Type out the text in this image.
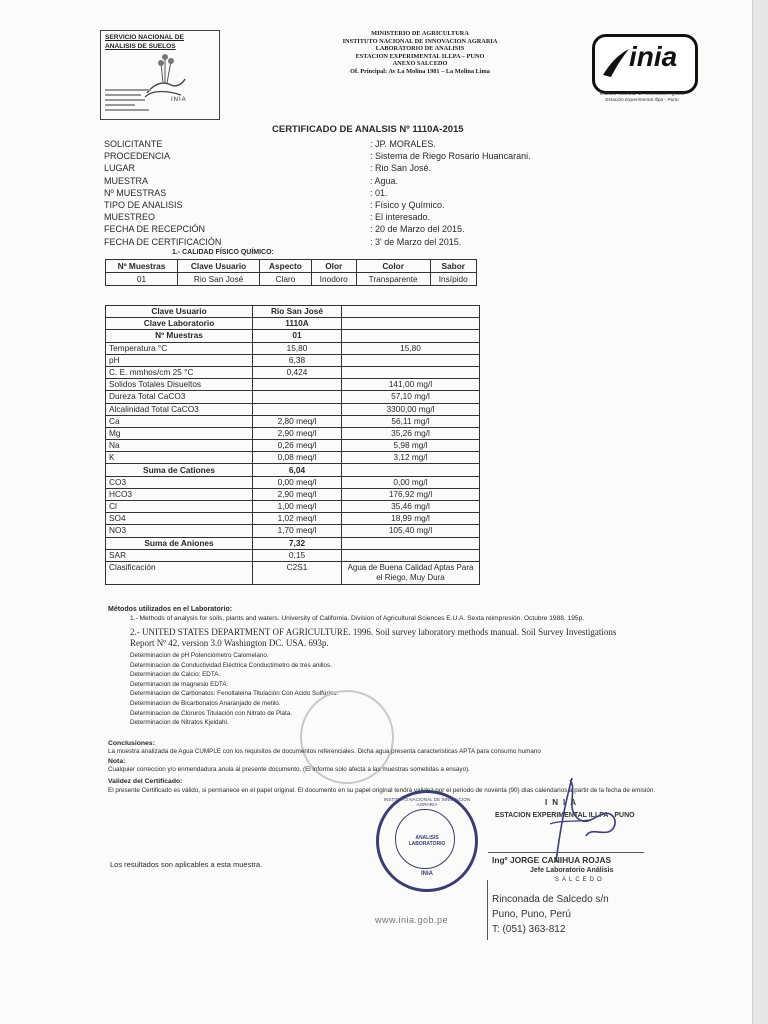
SERVICIO NACIONAL DE ANALISIS DE SUELOS
INIA
MINISTERIO DE AGRICULTURA
INSTITUTO NACIONAL DE INNOVACION AGRARIA
LABORATORIO DE ANALISIS
ESTACION EXPERIMENTAL ILLPA – PUNO
ANEXO SALCEDO
Of. Principal: Av La Molina 1981 – La Molina Lima	inia
Instituto Nacional de Innovación Agraria
Estación Experimental Illpa - Puno
CERTIFICADO DE ANALSIS Nº 1110A-2015
SOLICITANTE	: JP. MORALES.
PROCEDENCIA	: Sistema de Riego Rosario Huancarani.
LUGAR	: Rio San José.
MUESTRA	: Agua.
Nº MUESTRAS	: 01.
TIPO DE ANALISIS	: Físico y Químico.
MUESTREO	: El interesado.
FECHA DE RECEPCIÓN	: 20 de Marzo del 2015.
FECHA DE CERTIFICACIÓN	: 3' de Marzo del 2015.
1.- CALIDAD FÍSICO QUÍMICO:
Nº Muestras	Clave Usuario	Aspecto	Olor	Color	Sabor
01	Rio San José	Claro	Inodoro	Transparente	Insípido
Clave Usuario	Rio San José	
Clave Laboratorio	1110A	
Nº Muestras	01	
Temperatura °C	15,80	15,80
pH	6,38	
C. E. mmhos/cm 25 °C	0,424	
Solidos Totales Disueltos		141,00 mg/l
Dureza Total CaCO3		57,10 mg/l
Alcalinidad Total CaCO3		3300,00 mg/l
Ca	2,80 meq/l	56,11 mg/l
Mg	2,90 meq/l	35,26 mg/l
Na	0,26 meq/l	5,98 mg/l
K	0,08 meq/l	3,12 mg/l
Suma de Cationes	6,04	
CO3	0,00 meq/l	0,00 mg/l
HCO3	2,90 meq/l	176,92 mg/l
Cl	1,00 meq/l	35,46 mg/l
SO4	1,02 meq/l	18,99 mg/l
NO3	1,70 meq/l	105,40 mg/l
Suma de Aniones	7,32	
SAR	0,15	
Clasificación	C2S1	Agua de Buena Calidad Aptas Para el Riego, Muy Dura
Métodos utilizados en el Laboratorio:
1.- Methods of analysis for soils, plants and waters. University of California. Division of Agricultural Sciences E.U.A. Sexta reimpresión. Octubre 1988. 195p.
2.- UNITED STATES DEPARTMENT OF AGRICULTURE. 1996. Soil survey laboratory methods manual. Soil Survey Investigations Report Nº 42. version 3.0 Washington DC. USA. 693p.
Determinacion de pH Potenciómetro Calomelano.
Determinacion de Conductividad Eléctrica Conductimetro de tres anillos.
Determinacion de Calcio: EDTA.
Determinacion de magnesio EDTA.
Determinacion de Carbonatos: Fenoltaleina Titulación Con Acido Sulfúrico.
Determinacion de Bicarbonatos Anaranjado de metilo.
Determinacion de Cloruros Titulación con Nitrato de Plata.
Determinacion de Nitratos Kjeldahl.
Conclusiones:
La muestra analizada de Agua CUMPLE con los requisitos de documentos referenciales. Dicha agua presenta caracteristicas APTA para consumo humano
Nota:
Cualquier correccion y/o enmendadura anula al presente documento. (El informe solo afecta a las muestras sometidas a ensayo).
Validez del Certificado:
El presente Certificado es válido, si permanece en el papel original. El documento en su papel original tendrá validez por el periodo de noventa (90) días calendarios a partir de la fecha de emisión.
Los resultados son aplicables a esta muestra.
INSTITUTO NACIONAL DE INNOVACION AGRARIA
ANALISIS LABORATORIO
INIA
INIA
ESTACION EXPERIMENTAL ILLPA - PUNO
Ingº JORGE CANIHUA ROJAS
Jefe Laboratorio Análisis
SALCEDO
Rinconada de Salcedo s/n
Puno, Puno, Perú
T: (051) 363-812
www.inia.gob.pe
